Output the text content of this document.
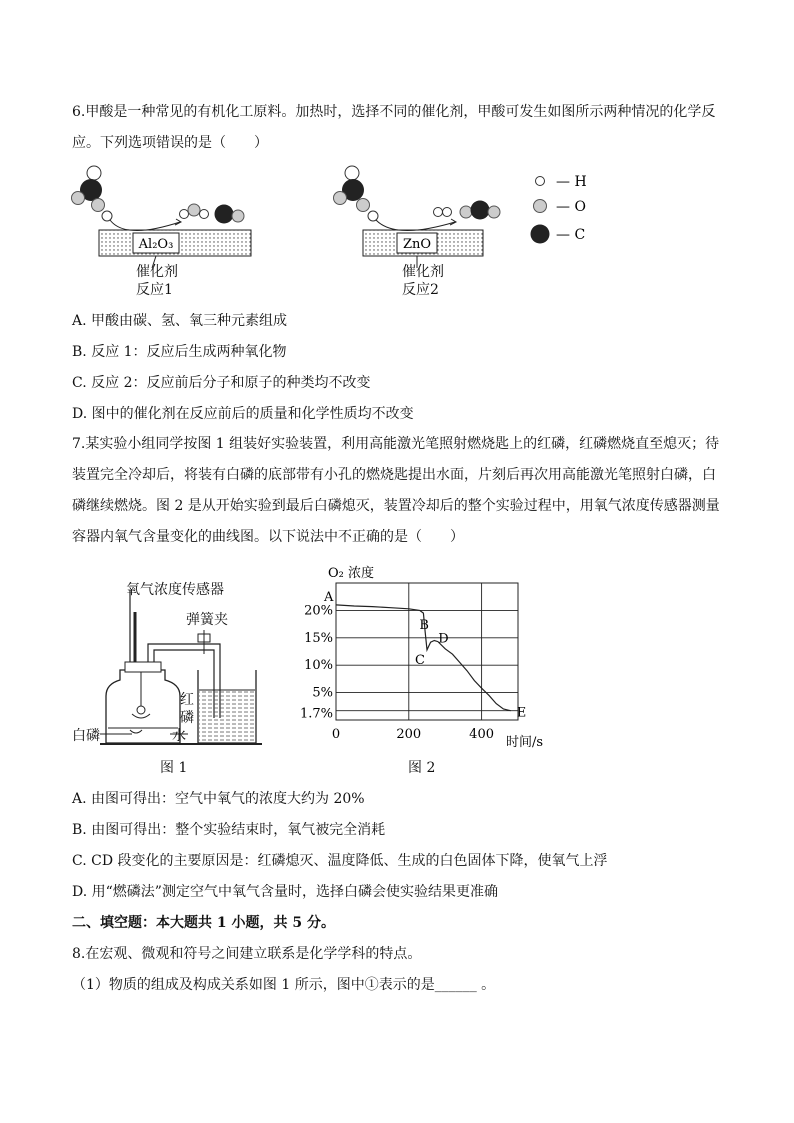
6.甲酸是一种常见的有机化工原料。加热时，选择不同的催化剂，甲酸可发生如图所示两种情况的化学反应。下列选项错误的是（　　）
Al₂O₃	ZnO
— H
— O
— C
催化剂
反应1
催化剂
反应2
A. 甲酸由碳、氢、氧三种元素组成
B. 反应 1：反应后生成两种氧化物
C. 反应 2：反应前后分子和原子的种类均不改变
D. 图中的催化剂在反应前后的质量和化学性质均不改变
7.某实验小组同学按图 1 组装好实验装置，利用高能激光笔照射燃烧匙上的红磷，红磷燃烧直至熄灭；待装置完全冷却后，将装有白磷的底部带有小孔的燃烧匙提出水面，片刻后再次用高能激光笔照射白磷，白磷继续燃烧。图 2 是从开始实验到最后白磷熄灭，装置冷却后的整个实验过程中，用氧气浓度传感器测量容器内氧气含量变化的曲线图。以下说法中不正确的是（　　）
氧气浓度传感器
弹簧夹
红
磷
白磷	水
图 1
20%
15%
10%
5%
1.7%
0	200	400
O₂ 浓度
时间/s
A
B
C
D
E
图 2
A. 由图可得出：空气中氧气的浓度大约为 20%
B. 由图可得出：整个实验结束时，氧气被完全消耗
C. CD 段变化的主要原因是：红磷熄灭、温度降低、生成的白色固体下降，使氧气上浮
D. 用“燃磷法”测定空气中氧气含量时，选择白磷会使实验结果更准确
二、填空题：本大题共 1 小题，共 5 分。
8.在宏观、微观和符号之间建立联系是化学学科的特点。
（1）物质的组成及构成关系如图 1 所示，图中①表示的是______ 。
